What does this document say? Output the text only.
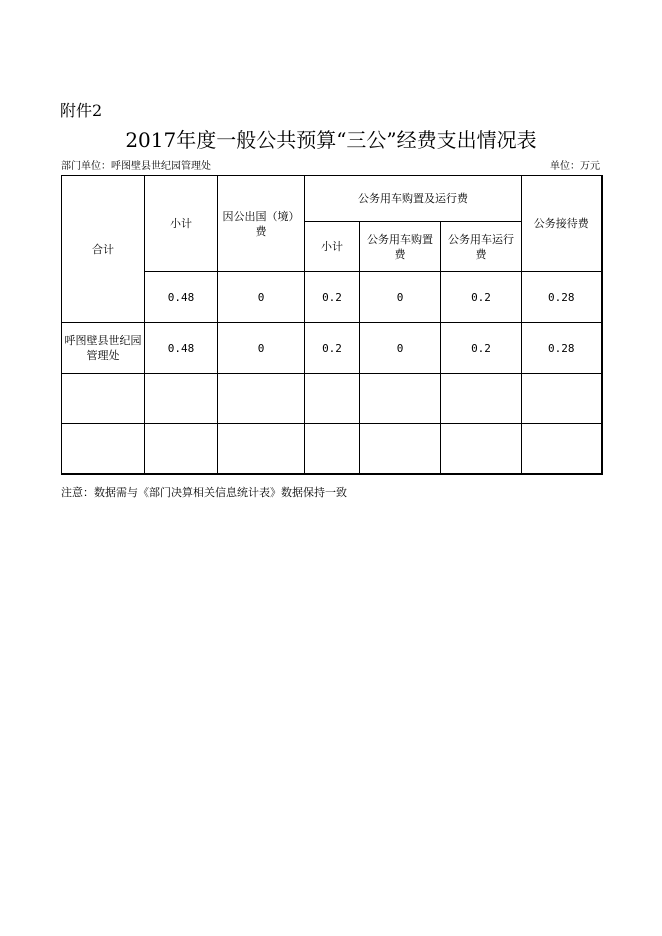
附件2
2017年度一般公共预算“三公”经费支出情况表
部门单位：呼图壁县世纪园管理处	单位：万元
合计	小计	因公出国（境）费	公务用车购置及运行费			公务接待费
			小计	公务用车购置费	公务用车运行费	
	0.48	0	0.2	0	0.2	0.28
呼图壁县世纪园管理处	0.48	0	0.2	0	0.2	0.28

注意：数据需与《部门决算相关信息统计表》数据保持一致
